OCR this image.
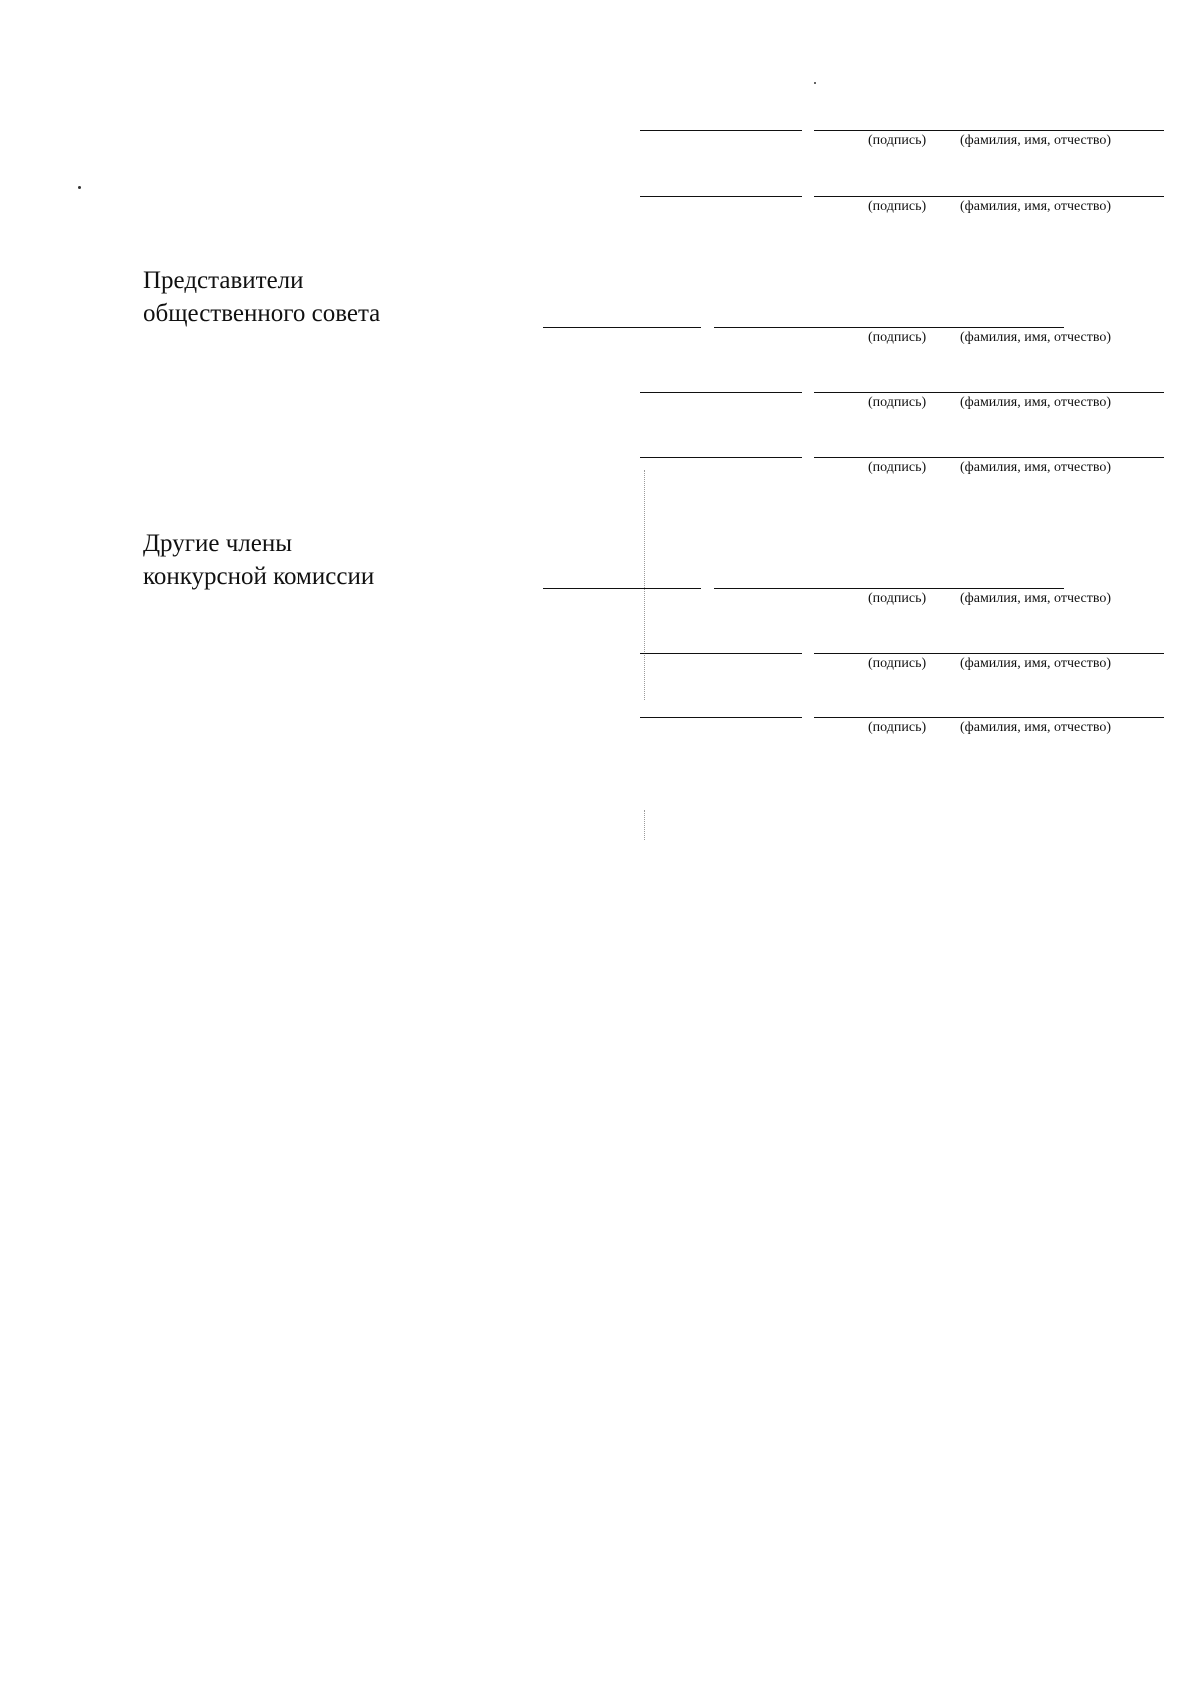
(подпись) (фамилия, имя, отчество)
(подпись) (фамилия, имя, отчество)
Представители
общественного совета
(подпись) (фамилия, имя, отчество)
(подпись) (фамилия, имя, отчество)
(подпись) (фамилия, имя, отчество)
Другие члены
конкурсной комиссии
(подпись) (фамилия, имя, отчество)
(подпись) (фамилия, имя, отчество)
(подпись) (фамилия, имя, отчество)
